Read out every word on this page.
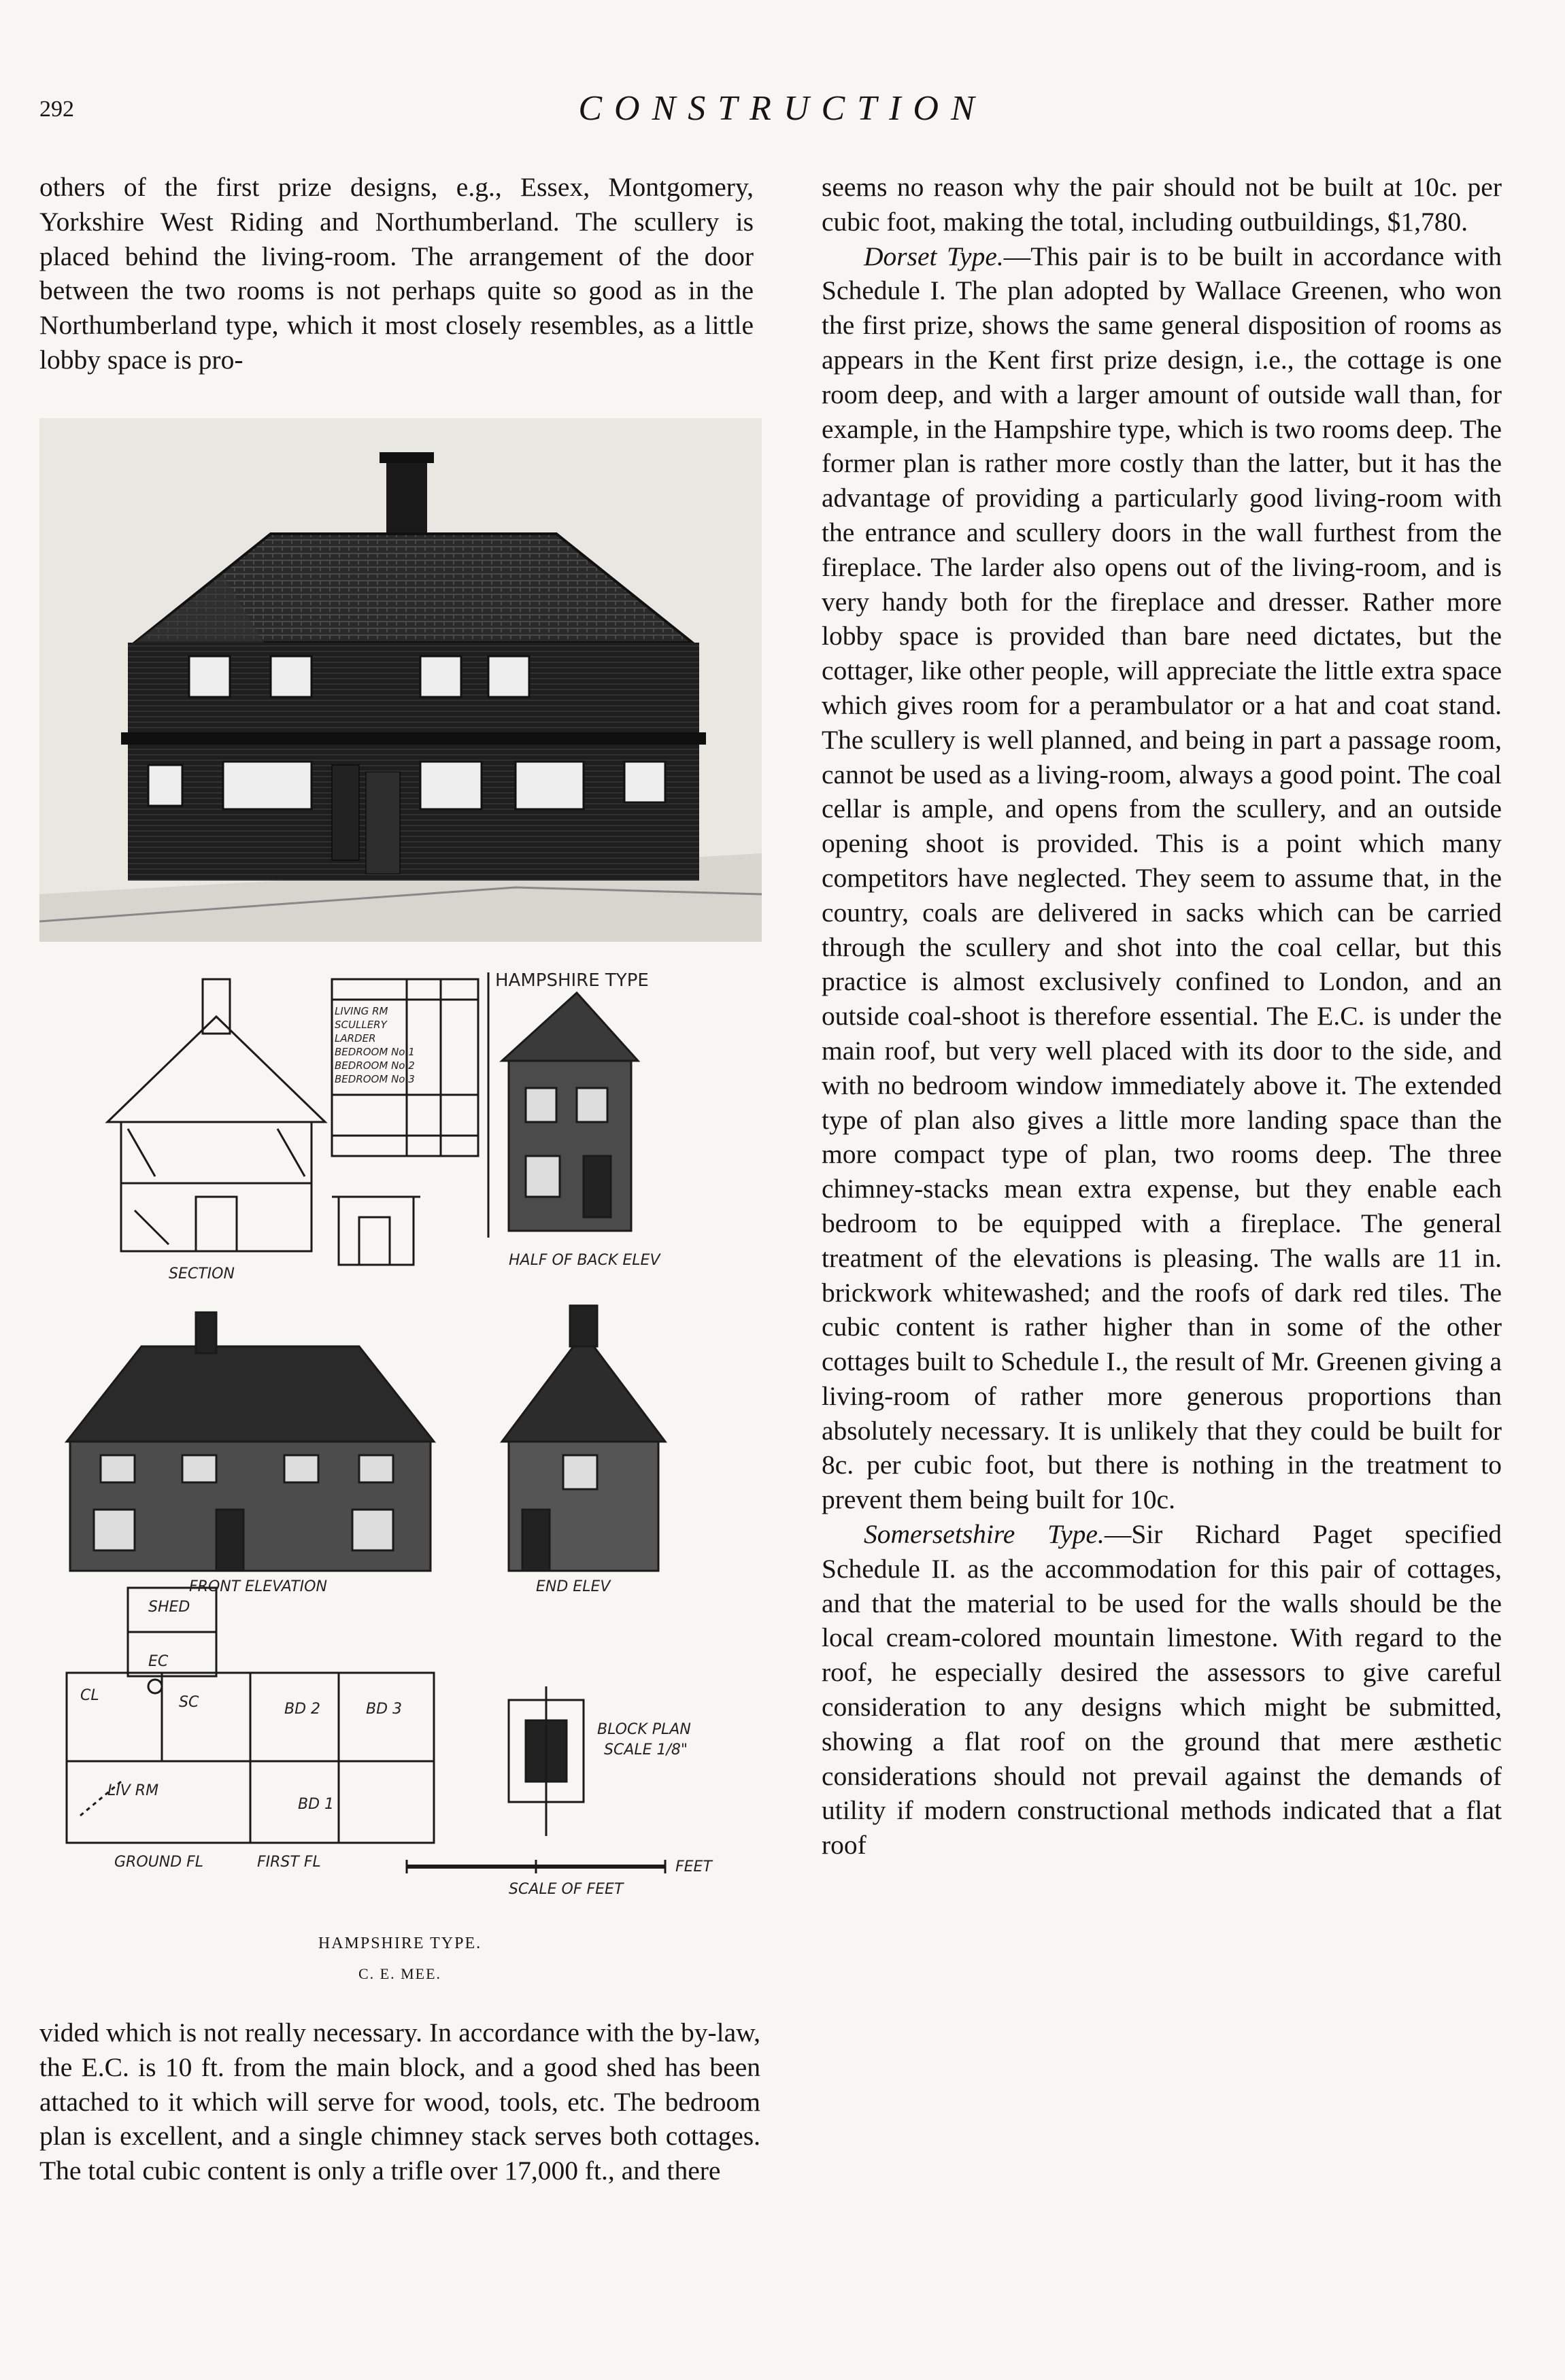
292	CONSTRUCTION

others of the first prize designs, e.g., Essex, Montgomery, Yorkshire West Riding and Northumberland. The scullery is placed behind the living-room. The arrangement of the door between the two rooms is not perhaps quite so good as in the Northumberland type, which it most closely resembles, as a little lobby space is pro-

LIVING RM
SCULLERY
LARDER
BEDROOM No 1
BEDROOM No 2
BEDROOM No 3
HAMPSHIRE TYPE
SECTION
HALF OF BACK ELEV
FRONT ELEVATION	END ELEV
GROUND FL	FIRST FL
BLOCK PLAN
SCALE 1/8"
SCALE OF FEET
FEET
SHED
LIV RM
SC
CL
EC
BD 2	BD 3
BD 1
HAMPSHIRE TYPE.
C. E. MEE.

vided which is not really necessary. In accordance with the by-law, the E.C. is 10 ft. from the main block, and a good shed has been attached to it which will serve for wood, tools, etc. The bedroom plan is excellent, and a single chimney stack serves both cottages. The total cubic content is only a trifle over 17,000 ft., and there

seems no reason why the pair should not be built at 10c. per cubic foot, making the total, including outbuildings, $1,780.

Dorset Type.—This pair is to be built in accordance with Schedule I. The plan adopted by Wallace Greenen, who won the first prize, shows the same general disposition of rooms as appears in the Kent first prize design, i.e., the cottage is one room deep, and with a larger amount of outside wall than, for example, in the Hampshire type, which is two rooms deep. The former plan is rather more costly than the latter, but it has the advantage of providing a particularly good living-room with the entrance and scullery doors in the wall furthest from the fireplace. The larder also opens out of the living-room, and is very handy both for the fireplace and dresser. Rather more lobby space is provided than bare need dictates, but the cottager, like other people, will appreciate the little extra space which gives room for a perambulator or a hat and coat stand. The scullery is well planned, and being in part a passage room, cannot be used as a living-room, always a good point. The coal cellar is ample, and opens from the scullery, and an outside opening shoot is provided. This is a point which many competitors have neglected. They seem to assume that, in the country, coals are delivered in sacks which can be carried through the scullery and shot into the coal cellar, but this practice is almost exclusively confined to London, and an outside coal-shoot is therefore essential. The E.C. is under the main roof, but very well placed with its door to the side, and with no bedroom window immediately above it. The extended type of plan also gives a little more landing space than the more compact type of plan, two rooms deep. The three chimney-stacks mean extra expense, but they enable each bedroom to be equipped with a fireplace. The general treatment of the elevations is pleasing. The walls are 11 in. brickwork whitewashed; and the roofs of dark red tiles. The cubic content is rather higher than in some of the other cottages built to Schedule I., the result of Mr. Greenen giving a living-room of rather more generous proportions than absolutely necessary. It is unlikely that they could be built for 8c. per cubic foot, but there is nothing in the treatment to prevent them being built for 10c.

Somersetshire Type.—Sir Richard Paget specified Schedule II. as the accommodation for this pair of cottages, and that the material to be used for the walls should be the local cream-colored mountain limestone. With regard to the roof, he especially desired the assessors to give careful consideration to any designs which might be submitted, showing a flat roof on the ground that mere æsthetic considerations should not prevail against the demands of utility if modern constructional methods indicated that a flat roof
